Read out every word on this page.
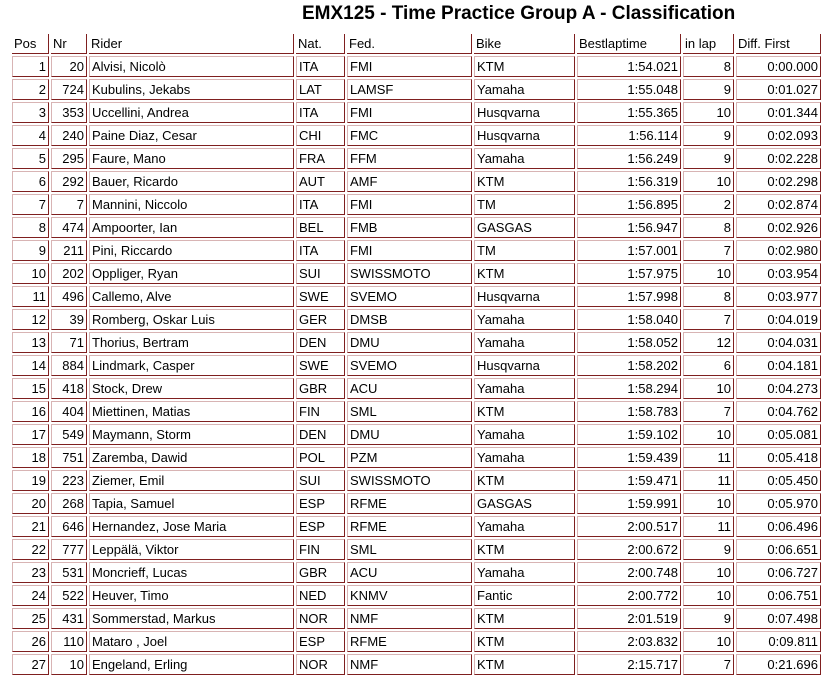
EMX125 - Time Practice Group A - Classification
Pos	Nr	Rider	Nat.	Fed.	Bike	Bestlaptime	in lap	Diff. First
1	20	Alvisi, Nicolò	ITA	FMI	KTM	1:54.021	8	0:00.000
2	724	Kubulins, Jekabs	LAT	LAMSF	Yamaha	1:55.048	9	0:01.027
3	353	Uccellini, Andrea	ITA	FMI	Husqvarna	1:55.365	10	0:01.344
4	240	Paine Diaz, Cesar	CHI	FMC	Husqvarna	1:56.114	9	0:02.093
5	295	Faure, Mano	FRA	FFM	Yamaha	1:56.249	9	0:02.228
6	292	Bauer, Ricardo	AUT	AMF	KTM	1:56.319	10	0:02.298
7	7	Mannini, Niccolo	ITA	FMI	TM	1:56.895	2	0:02.874
8	474	Ampoorter, Ian	BEL	FMB	GASGAS	1:56.947	8	0:02.926
9	211	Pini, Riccardo	ITA	FMI	TM	1:57.001	7	0:02.980
10	202	Oppliger, Ryan	SUI	SWISSMOTO	KTM	1:57.975	10	0:03.954
11	496	Callemo, Alve	SWE	SVEMO	Husqvarna	1:57.998	8	0:03.977
12	39	Romberg, Oskar Luis	GER	DMSB	Yamaha	1:58.040	7	0:04.019
13	71	Thorius, Bertram	DEN	DMU	Yamaha	1:58.052	12	0:04.031
14	884	Lindmark, Casper	SWE	SVEMO	Husqvarna	1:58.202	6	0:04.181
15	418	Stock, Drew	GBR	ACU	Yamaha	1:58.294	10	0:04.273
16	404	Miettinen, Matias	FIN	SML	KTM	1:58.783	7	0:04.762
17	549	Maymann, Storm	DEN	DMU	Yamaha	1:59.102	10	0:05.081
18	751	Zaremba, Dawid	POL	PZM	Yamaha	1:59.439	11	0:05.418
19	223	Ziemer, Emil	SUI	SWISSMOTO	KTM	1:59.471	11	0:05.450
20	268	Tapia, Samuel	ESP	RFME	GASGAS	1:59.991	10	0:05.970
21	646	Hernandez, Jose Maria	ESP	RFME	Yamaha	2:00.517	11	0:06.496
22	777	Leppälä, Viktor	FIN	SML	KTM	2:00.672	9	0:06.651
23	531	Moncrieff, Lucas	GBR	ACU	Yamaha	2:00.748	10	0:06.727
24	522	Heuver, Timo	NED	KNMV	Fantic	2:00.772	10	0:06.751
25	431	Sommerstad, Markus	NOR	NMF	KTM	2:01.519	9	0:07.498
26	110	Mataro , Joel	ESP	RFME	KTM	2:03.832	10	0:09.811
27	10	Engeland, Erling	NOR	NMF	KTM	2:15.717	7	0:21.696
